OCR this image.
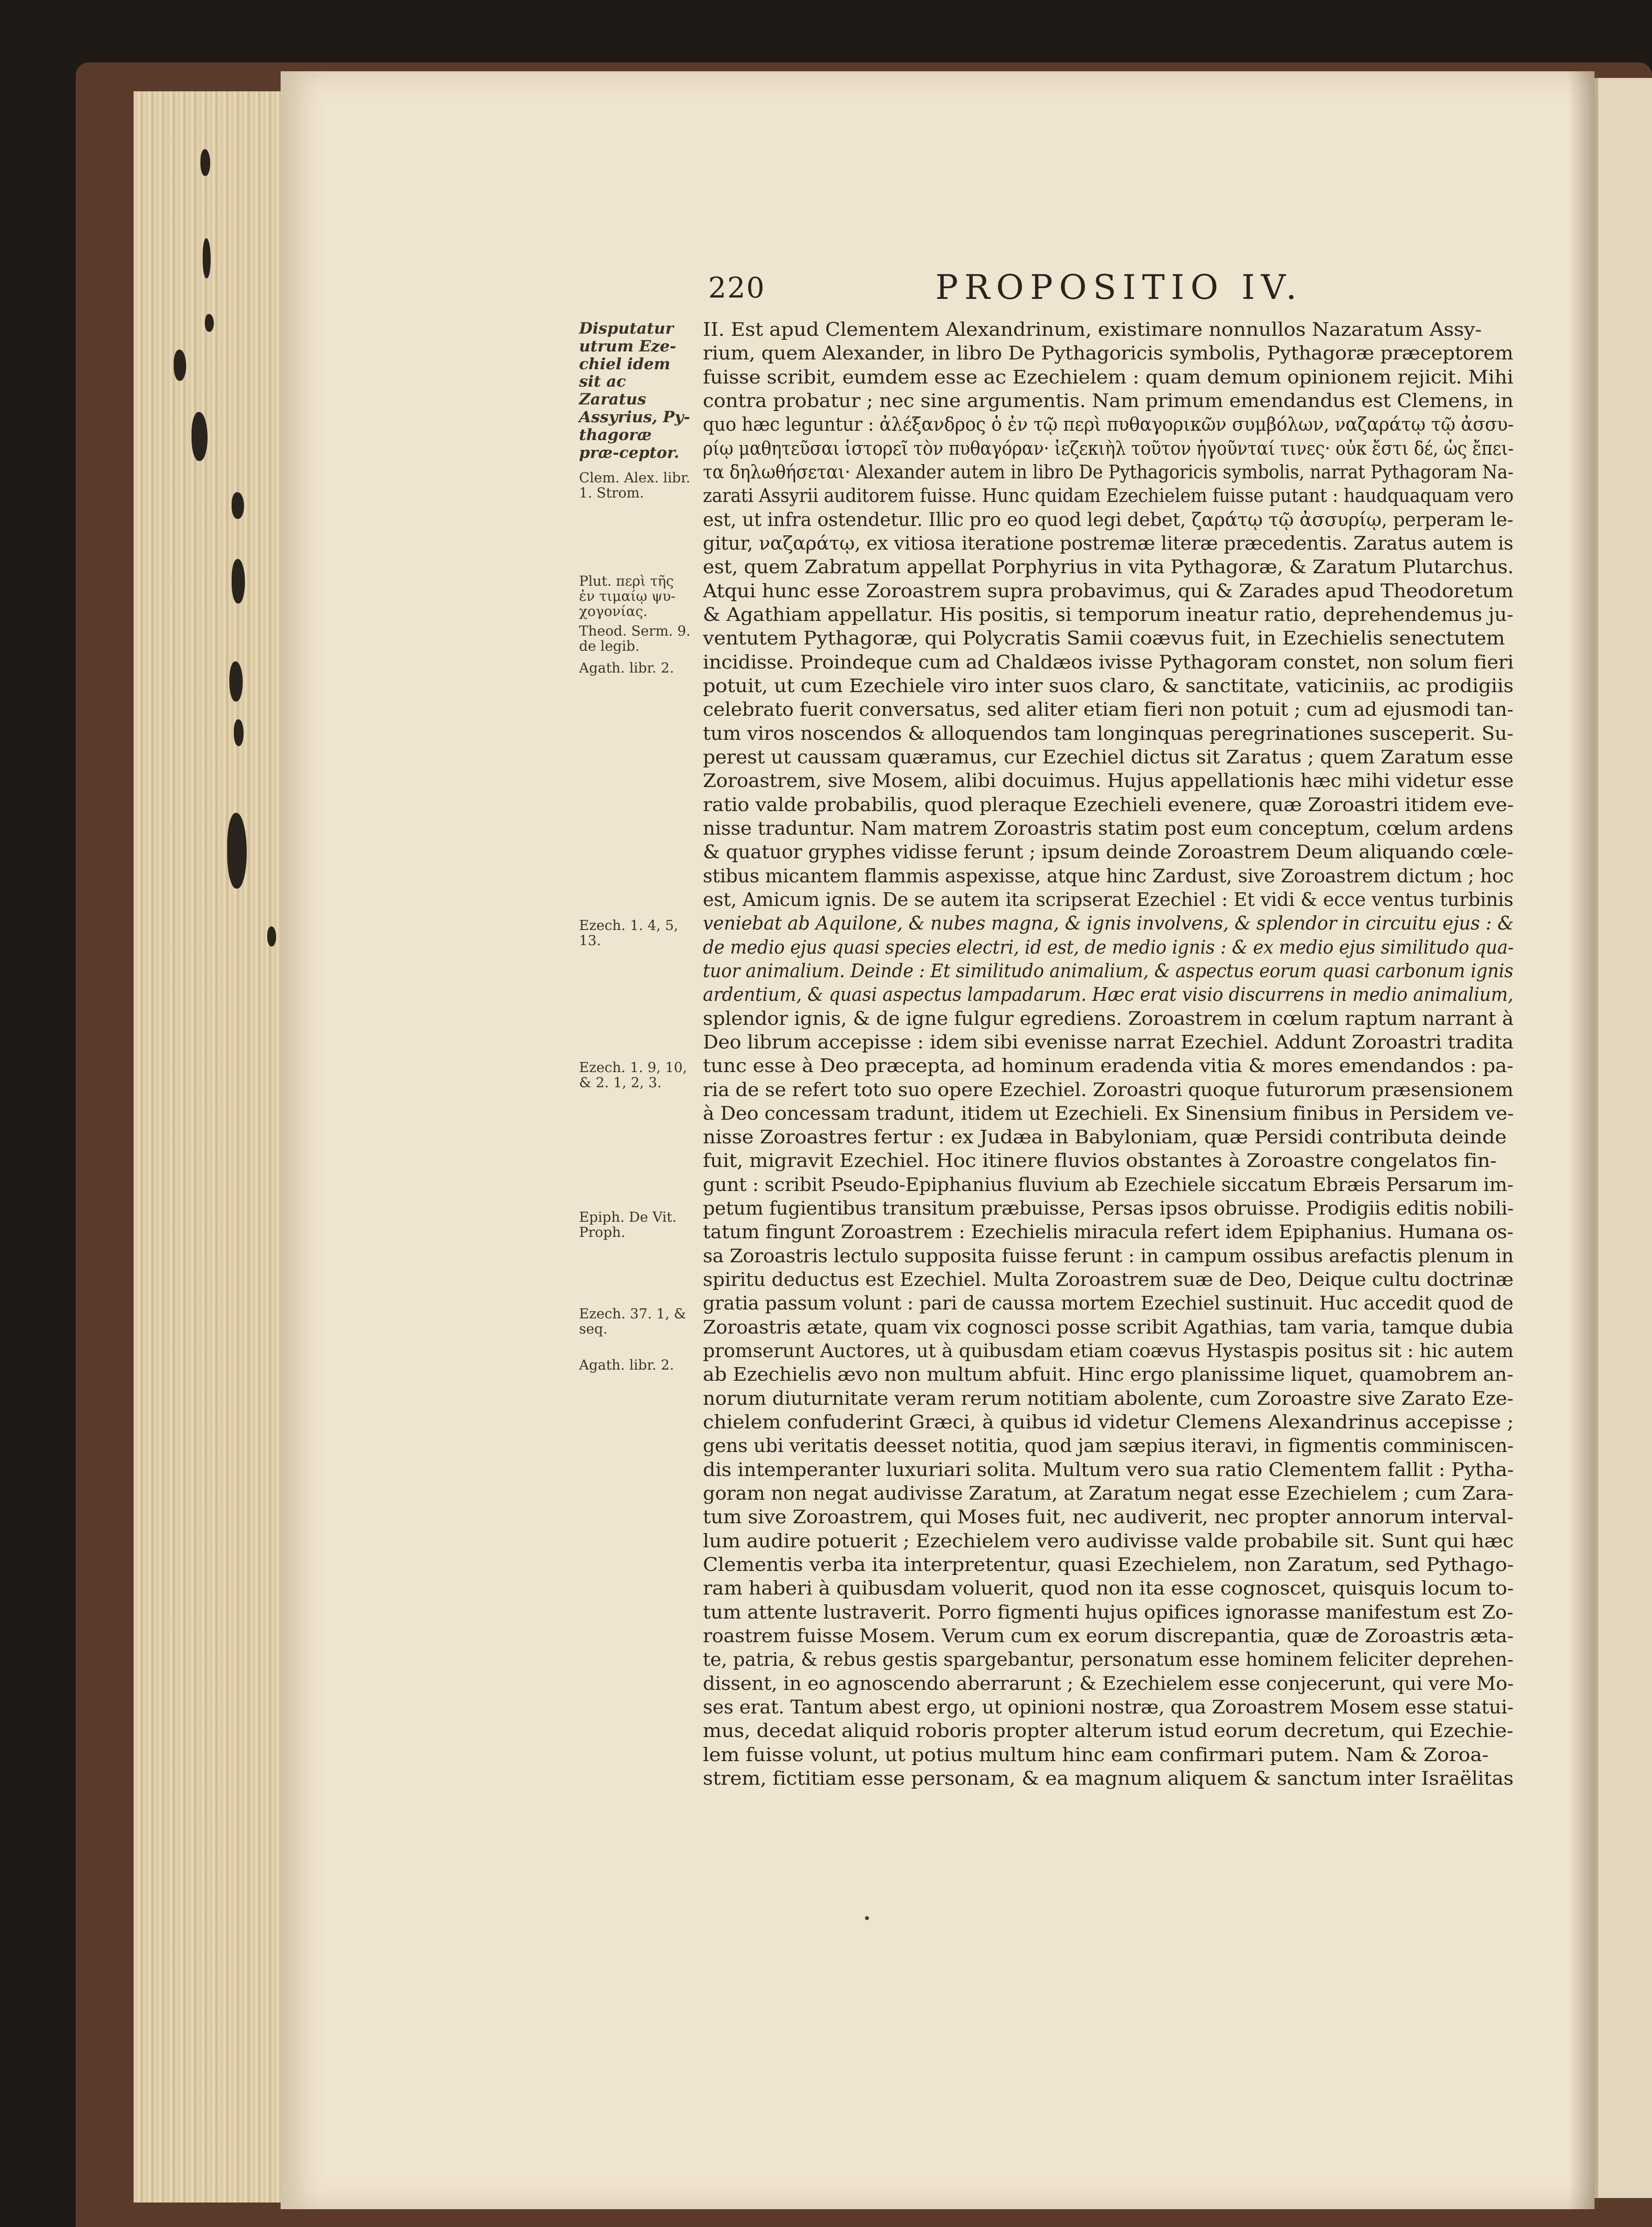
220	PROPOSITIO IV.
Disputatur utrum Eze-chiel idem sit ac Zaratus Assyrius, Py-thagoræ præ-ceptor.
Clem. Alex. libr. 1. Strom.
Plut. περὶ τῆς ἐν τιμαίῳ ψυ-χογονίας.
Theod. Serm. 9. de legib.
Agath. libr. 2.
Ezech. 1. 4, 5, 13.
Ezech. 1. 9, 10, & 2. 1, 2, 3.
Epiph. De Vit. Proph.
Ezech. 37. 1, & seq.
Agath. libr. 2.
II. Est apud Clementem Alexandrinum, existimare nonnullos Nazaratum Assy-
rium, quem Alexander, in libro De Pythagoricis symbolis, Pythagoræ præceptorem
fuisse scribit, eumdem esse ac Ezechielem : quam demum opinionem rejicit. Mihi
contra probatur ; nec sine argumentis. Nam primum emendandus est Clemens, in
quo hæc leguntur : ἀλέξανδρος ὁ ἐν τῷ περὶ πυθαγορικῶν συμβόλων, ναζαράτῳ τῷ ἀσσυ-
ρίῳ μαθητεῦσαι ἱστορεῖ τὸν πυθαγόραν· ἰεζεκιὴλ τοῦτον ἡγοῦνταί τινες· οὐκ ἔστι δέ, ὡς ἔπει-
τα δηλωθήσεται· Alexander autem in libro De Pythagoricis symbolis, narrat Pythagoram Na-
zarati Assyrii auditorem fuisse. Hunc quidam Ezechielem fuisse putant : haudquaquam vero
est, ut infra ostendetur. Illic pro eo quod legi debet, ζαράτῳ τῷ ἀσσυρίῳ, perperam le-
gitur, ναζαράτῳ, ex vitiosa iteratione postremæ literæ præcedentis. Zaratus autem is
est, quem Zabratum appellat Porphyrius in vita Pythagoræ, & Zaratum Plutarchus.
Atqui hunc esse Zoroastrem supra probavimus, qui & Zarades apud Theodoretum
& Agathiam appellatur. His positis, si temporum ineatur ratio, deprehendemus ju-
ventutem Pythagoræ, qui Polycratis Samii coævus fuit, in Ezechielis senectutem
incidisse. Proindeque cum ad Chaldæos ivisse Pythagoram constet, non solum fieri
potuit, ut cum Ezechiele viro inter suos claro, & sanctitate, vaticiniis, ac prodigiis
celebrato fuerit conversatus, sed aliter etiam fieri non potuit ; cum ad ejusmodi tan-
tum viros noscendos & alloquendos tam longinquas peregrinationes susceperit. Su-
perest ut caussam quæramus, cur Ezechiel dictus sit Zaratus ; quem Zaratum esse
Zoroastrem, sive Mosem, alibi docuimus. Hujus appellationis hæc mihi videtur esse
ratio valde probabilis, quod pleraque Ezechieli evenere, quæ Zoroastri itidem eve-
nisse traduntur. Nam matrem Zoroastris statim post eum conceptum, cœlum ardens
& quatuor gryphes vidisse ferunt ; ipsum deinde Zoroastrem Deum aliquando cœle-
stibus micantem flammis aspexisse, atque hinc Zardust, sive Zoroastrem dictum ; hoc
est, Amicum ignis. De se autem ita scripserat Ezechiel : Et vidi & ecce ventus turbinis
veniebat ab Aquilone, & nubes magna, & ignis involvens, & splendor in circuitu ejus : &
de medio ejus quasi species electri, id est, de medio ignis : & ex medio ejus similitudo qua-
tuor animalium. Deinde : Et similitudo animalium, & aspectus eorum quasi carbonum ignis
ardentium, & quasi aspectus lampadarum. Hæc erat visio discurrens in medio animalium,
splendor ignis, & de igne fulgur egrediens. Zoroastrem in cœlum raptum narrant à
Deo librum accepisse : idem sibi evenisse narrat Ezechiel. Addunt Zoroastri tradita
tunc esse à Deo præcepta, ad hominum eradenda vitia & mores emendandos : pa-
ria de se refert toto suo opere Ezechiel. Zoroastri quoque futurorum præsensionem
à Deo concessam tradunt, itidem ut Ezechieli. Ex Sinensium finibus in Persidem ve-
nisse Zoroastres fertur : ex Judæa in Babyloniam, quæ Persidi contributa deinde
fuit, migravit Ezechiel. Hoc itinere fluvios obstantes à Zoroastre congelatos fin-
gunt : scribit Pseudo-Epiphanius fluvium ab Ezechiele siccatum Ebræis Persarum im-
petum fugientibus transitum præbuisse, Persas ipsos obruisse. Prodigiis editis nobili-
tatum fingunt Zoroastrem : Ezechielis miracula refert idem Epiphanius. Humana os-
sa Zoroastris lectulo supposita fuisse ferunt : in campum ossibus arefactis plenum in
spiritu deductus est Ezechiel. Multa Zoroastrem suæ de Deo, Deique cultu doctrinæ
gratia passum volunt : pari de caussa mortem Ezechiel sustinuit. Huc accedit quod de
Zoroastris ætate, quam vix cognosci posse scribit Agathias, tam varia, tamque dubia
promserunt Auctores, ut à quibusdam etiam coævus Hystaspis positus sit : hic autem
ab Ezechielis ævo non multum abfuit. Hinc ergo planissime liquet, quamobrem an-
norum diuturnitate veram rerum notitiam abolente, cum Zoroastre sive Zarato Eze-
chielem confuderint Græci, à quibus id videtur Clemens Alexandrinus accepisse ;
gens ubi veritatis deesset notitia, quod jam sæpius iteravi, in figmentis comminiscen-
dis intemperanter luxuriari solita. Multum vero sua ratio Clementem fallit : Pytha-
goram non negat audivisse Zaratum, at Zaratum negat esse Ezechielem ; cum Zara-
tum sive Zoroastrem, qui Moses fuit, nec audiverit, nec propter annorum interval-
lum audire potuerit ; Ezechielem vero audivisse valde probabile sit. Sunt qui hæc
Clementis verba ita interpretentur, quasi Ezechielem, non Zaratum, sed Pythago-
ram haberi à quibusdam voluerit, quod non ita esse cognoscet, quisquis locum to-
tum attente lustraverit. Porro figmenti hujus opifices ignorasse manifestum est Zo-
roastrem fuisse Mosem. Verum cum ex eorum discrepantia, quæ de Zoroastris æta-
te, patria, & rebus gestis spargebantur, personatum esse hominem feliciter deprehen-
dissent, in eo agnoscendo aberrarunt ; & Ezechielem esse conjecerunt, qui vere Mo-
ses erat. Tantum abest ergo, ut opinioni nostræ, qua Zoroastrem Mosem esse statui-
mus, decedat aliquid roboris propter alterum istud eorum decretum, qui Ezechie-
lem fuisse volunt, ut potius multum hinc eam confirmari putem. Nam & Zoroa-
strem, fictitiam esse personam, & ea magnum aliquem & sanctum inter Israëlitas
